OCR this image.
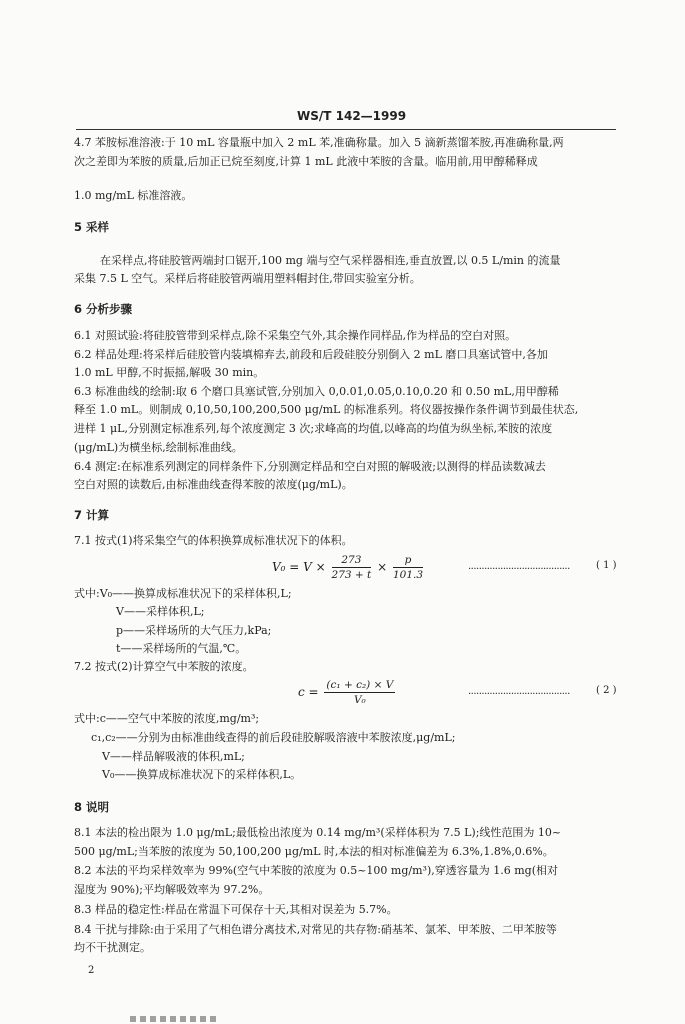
WS/T 142—1999
4.7 苯胺标准溶液:于 10 mL 容量瓶中加入 2 mL 苯,准确称量。加入 5 滴新蒸馏苯胺,再准确称量,两
次之差即为苯胺的质量,后加正已烷至刻度,计算 1 mL 此液中苯胺的含量。临用前,用甲醇稀释成
1.0 mg/mL 标准溶液。
5 采样
在采样点,将硅胶管两端封口锯开,100 mg 端与空气采样器相连,垂直放置,以 0.5 L/min 的流量
采集 7.5 L 空气。采样后将硅胶管两端用塑料帽封住,带回实验室分析。
6 分析步骤
6.1 对照试验:将硅胶管带到采样点,除不采集空气外,其余操作同样品,作为样品的空白对照。
6.2 样品处理:将采样后硅胶管内装填棉弃去,前段和后段硅胶分别倒入 2 mL 磨口具塞试管中,各加
1.0 mL 甲醇,不时振摇,解吸 30 min。
6.3 标准曲线的绘制:取 6 个磨口具塞试管,分别加入 0,0.01,0.05,0.10,0.20 和 0.50 mL,用甲醇稀
释至 1.0 mL。则制成 0,10,50,100,200,500 μg/mL 的标准系列。将仪器按操作条件调节到最佳状态,
进样 1 μL,分别测定标准系列,每个浓度测定 3 次;求峰高的均值,以峰高的均值为纵坐标,苯胺的浓度
(μg/mL)为横坐标,绘制标准曲线。
6.4 测定:在标准系列测定的同样条件下,分别测定样品和空白对照的解吸液;以测得的样品读数减去
空白对照的读数后,由标准曲线查得苯胺的浓度(μg/mL)。
7 计算
7.1 按式(1)将采集空气的体积换算成标准状况下的体积。
$V_0 = V \times \frac{273}{273 + t} \times \frac{p}{101.3}$	......................................	( 1 )
式中:V₀——换算成标准状况下的采样体积,L;
V——采样体积,L;
p——采样场所的大气压力,kPa;
t——采样场所的气温,℃。
7.2 按式(2)计算空气中苯胺的浓度。
$c = \frac{\text{(c₁ + c₂) × V}}{\text{V₀}}$	......................................	( 2 )
式中:c——空气中苯胺的浓度,mg/m³;
c₁,c₂——分别为由标准曲线查得的前后段硅胶解吸溶液中苯胺浓度,μg/mL;
V——样品解吸液的体积,mL;
V₀——换算成标准状况下的采样体积,L。
8 说明
8.1 本法的检出限为 1.0 μg/mL;最低检出浓度为 0.14 mg/m³(采样体积为 7.5 L);线性范围为 10~
500 μg/mL;当苯胺的浓度为 50,100,200 μg/mL 时,本法的相对标准偏差为 6.3%,1.8%,0.6%。
8.2 本法的平均采样效率为 99%(空气中苯胺的浓度为 0.5~100 mg/m³),穿透容量为 1.6 mg(相对
湿度为 90%);平均解吸效率为 97.2%。
8.3 样品的稳定性:样品在常温下可保存十天,其相对误差为 5.7%。
8.4 干扰与排除:由于采用了气相色谱分离技术,对常见的共存物:硝基苯、氯苯、甲苯胺、二甲苯胺等
均不干扰测定。
2
